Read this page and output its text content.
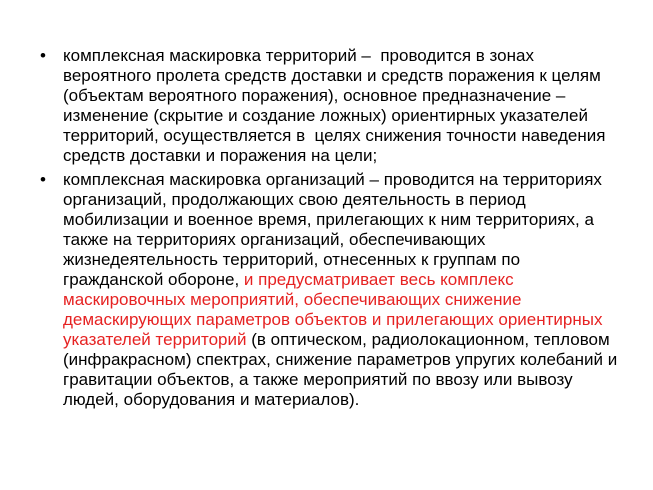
•	комплексная маскировка территорий –  проводится в зонах вероятного пролета средств доставки и средств поражения к целям (объектам вероятного поражения), основное предназначение – изменение (скрытие и создание ложных) ориентирных указателей территорий, осуществляется в  целях снижения точности наведения  средств доставки и поражения на цели;
•	комплексная маскировка организаций – проводится на территориях организаций, продолжающих свою деятельность в период мобилизации и военное время, прилегающих к ним территориях, а также на территориях организаций, обеспечивающих жизнедеятельность территорий, отнесенных к группам по гражданской обороне, и предусматривает весь комплекс маскировочных мероприятий, обеспечивающих снижение демаскирующих параметров объектов и прилегающих ориентирных указателей территорий (в оптическом, радиолокационном, тепловом (инфракрасном) спектрах, снижение параметров упругих колебаний и гравитации объектов, а также мероприятий по ввозу или вывозу людей, оборудования и материалов).
